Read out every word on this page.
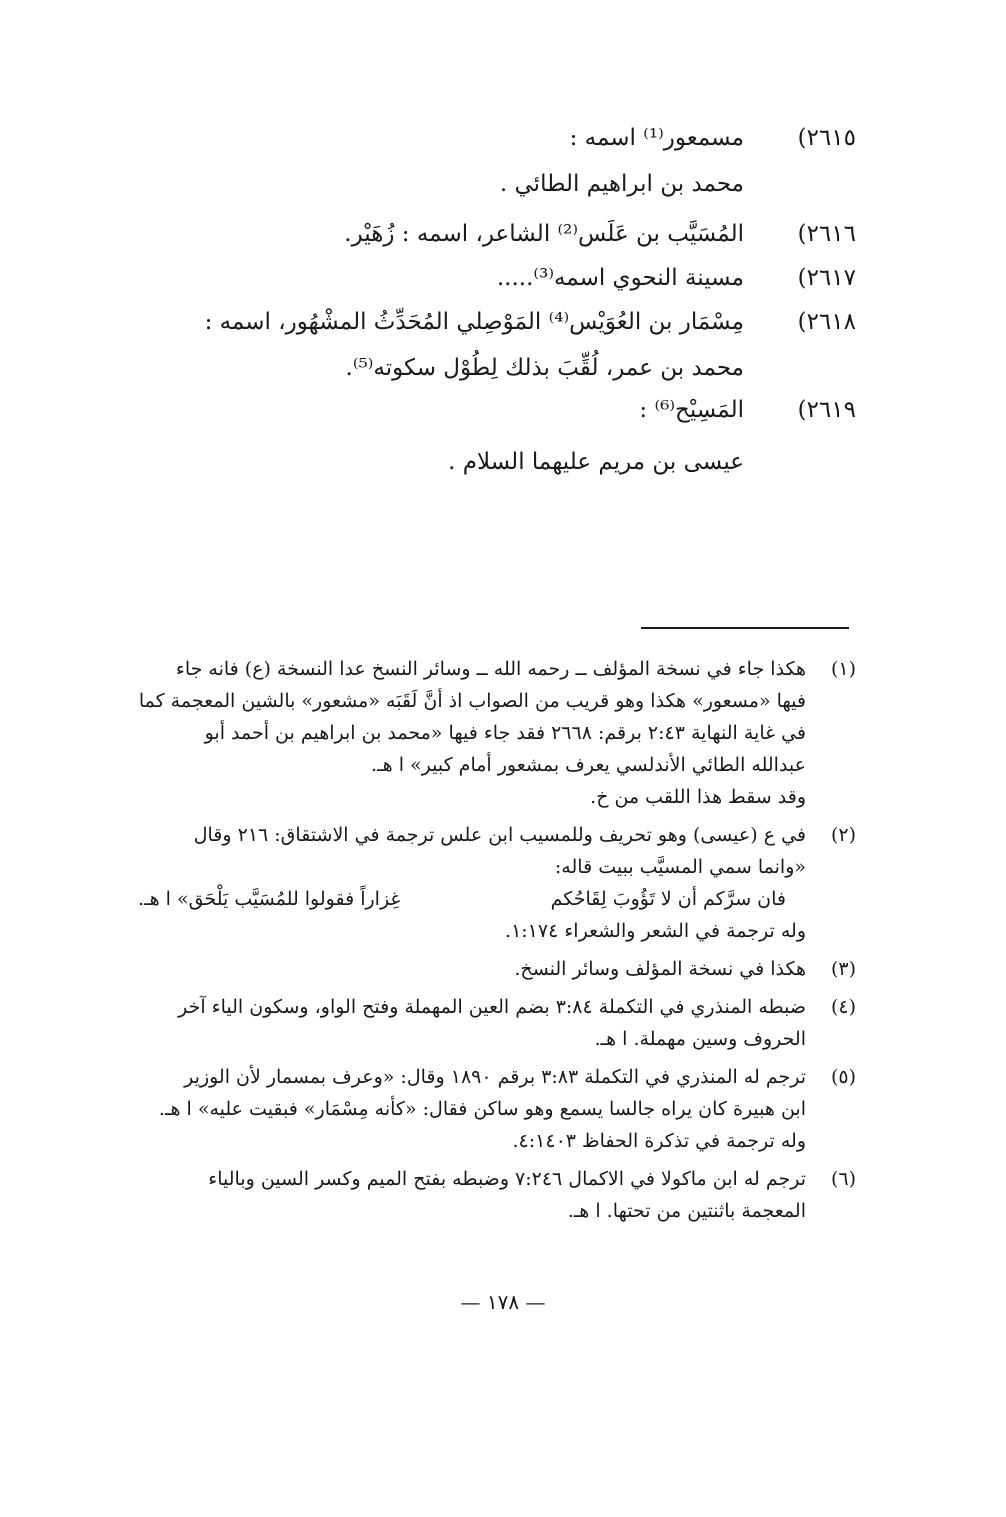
٢٦١٥)
مسمعور⁽¹⁾ اسمه :
محمد بن ابراهيم الطائي .
٢٦١٦)
المُسَيَّب بن عَلَس⁽²⁾ الشاعر، اسمه : زُهَيْر.
٢٦١٧)
مسينة النحوي اسمه⁽³⁾.....
٢٦١٨)
مِسْمَار بن العُوَيْس⁽⁴⁾ المَوْصِلي المُحَدِّثُ المشْهُور، اسمه :
محمد بن عمر، لُقِّبَ بذلك لِطُوْل سكوته⁽⁵⁾.
٢٦١٩)
المَسِيْح⁽⁶⁾ :
عيسى بن مريم عليهما السلام .
(١)
هكذا جاء في نسخة المؤلف ــ رحمه الله ــ وسائر النسخ عدا النسخة (ع) فانه جاء
فيها «مسعور» هكذا وهو قريب من الصواب اذ أنَّ لَقَبَه «مشعور» بالشين المعجمة كما
في غاية النهاية ٢:٤٣ برقم: ٢٦٦٨ فقد جاء فيها «محمد بن ابراهيم بن أحمد أبو
عبدالله الطائي الأندلسي يعرف بمشعور أمام كبير» ا هـ.
وقد سقط هذا اللقب من خ.
(٢)
في ع (عيسى) وهو تحريف وللمسيب ابن علس ترجمة في الاشتقاق: ٢١٦ وقال
«وانما سمي المسيَّب ببيت قاله:
فان سرَّكم أن لا تَؤُوبَ لِقَاحُكم
غِزاراً فقولوا للمُسَيَّب يَلْحَق» ا هـ.
وله ترجمة في الشعر والشعراء ١:١٧٤.
(٣)
هكذا في نسخة المؤلف وسائر النسخ.
(٤)
ضبطه المنذري في التكملة ٣:٨٤ بضم العين المهملة وفتح الواو، وسكون الياء آخر
الحروف وسين مهملة. ا هـ.
(٥)
ترجم له المنذري في التكملة ٣:٨٣ برقم ١٨٩٠ وقال: «وعرف بمسمار لأن الوزير
ابن هبيرة كان يراه جالسا يسمع وهو ساكن فقال: «كأنه مِسْمَار» فبقيت عليه» ا هـ.
وله ترجمة في تذكرة الحفاظ ٤:١٤٠٣.
(٦)
ترجم له ابن ماكولا في الاكمال ٧:٢٤٦ وضبطه بفتح الميم وكسر السين وبالياء
المعجمة باثنتين من تحتها. ا هـ.
— ١٧٨ —
